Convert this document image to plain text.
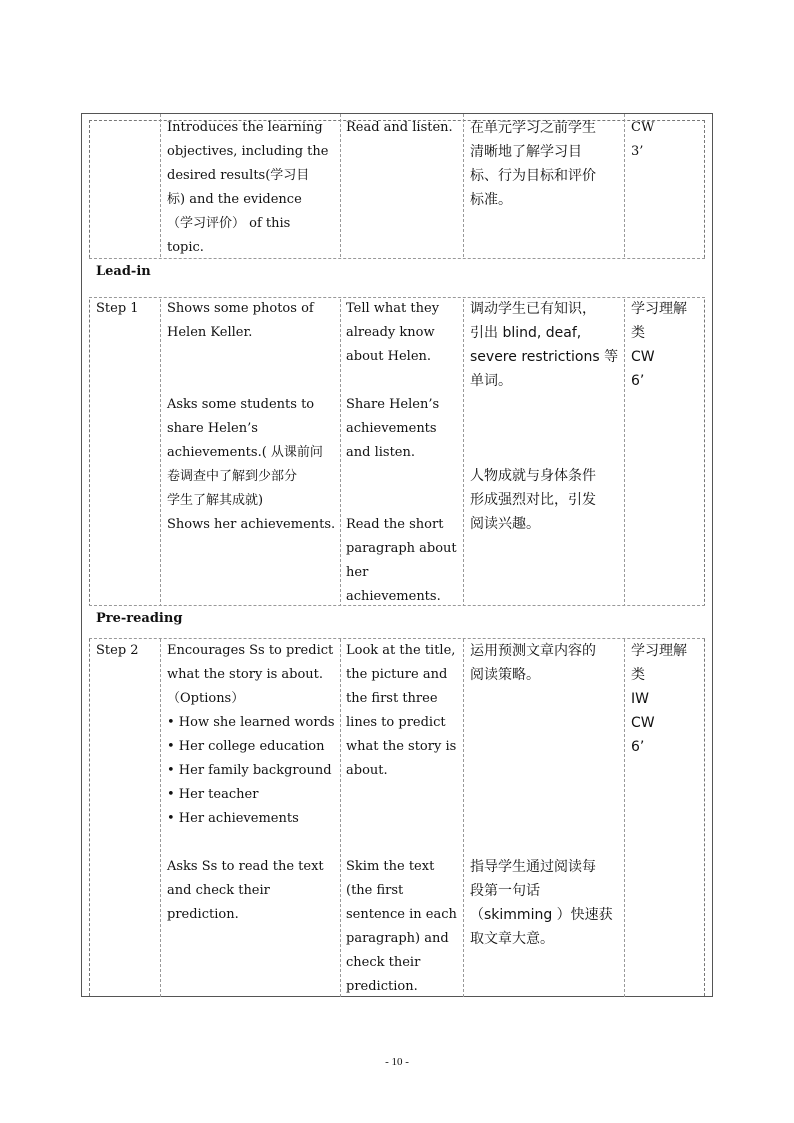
Lead-in
Pre-reading
Introduces the learning
objectives, including the
desired results(学习目
标) and the evidence
（学习评价） of this
topic.
Read and listen.	在单元学习之前学生
清晰地了解学习目
标、行为目标和评价
标准。
CW
3’
Step 1 Shows some photos of
Helen Keller.
Asks some students to
share Helen’s
achievements.( 从课前问
卷调查中了解到少部分
学生了解其成就)
Shows her achievements.
Tell what they
already know
about Helen.
Share Helen’s
achievements
and listen.
Read the short
paragraph about
her
achievements.
调动学生已有知识，
引出 blind, deaf,
severe restrictions 等
单词。
人物成就与身体条件
形成强烈对比，引发
阅读兴趣。
学习理解
类
CW
6’
Step 2 Encourages Ss to predict
what the story is about.
（Options）
• How she learned words
• Her college education
• Her family background
• Her teacher
• Her achievements
Asks Ss to read the text
and check their
prediction.
Look at the title,
the picture and
the first three
lines to predict
what the story is
about.
Skim the text
(the first
sentence in each
paragraph) and
check their
prediction.
运用预测文章内容的
阅读策略。
指导学生通过阅读每
段第一句话
（skimming ）快速获
取文章大意。
学习理解
类
IW
CW
6’
- 10 -
